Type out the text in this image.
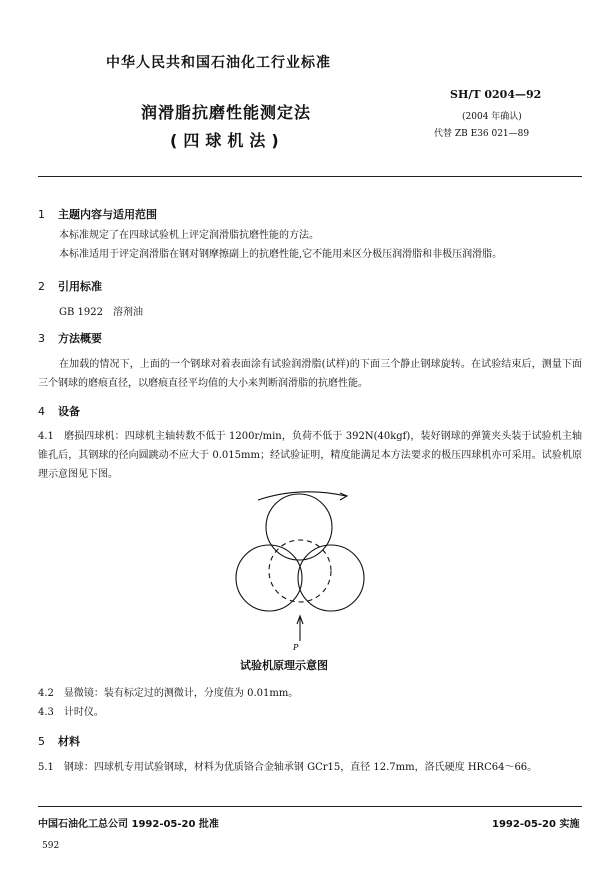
中华人民共和国石油化工行业标准
润滑脂抗磨性能测定法
(四球机法)
SH/T 0204—92
(2004 年确认)
代替 ZB E36 021—89
1 主题内容与适用范围
本标准规定了在四球试验机上评定润滑脂抗磨性能的方法。
本标准适用于评定润滑脂在钢对钢摩擦副上的抗磨性能,它不能用来区分极压润滑脂和非极压润滑脂。
2 引用标准
GB 1922　溶剂油
3 方法概要
在加载的情况下，上面的一个钢球对着表面涂有试验润滑脂(试样)的下面三个静止钢球旋转。在试验结束后，测量下面三个钢球的磨痕直径，以磨痕直径平均值的大小来判断润滑脂的抗磨性能。
4 设备
4.1　磨损四球机：四球机主轴转数不低于 1200r/min，负荷不低于 392N(40kgf)，装好钢球的弹簧夹头装于试验机主轴锥孔后，其钢球的径向圆跳动不应大于 0.015mm；经试验证明，精度能满足本方法要求的极压四球机亦可采用。试验机原理示意图见下图。
P
试验机原理示意图
4.2　显微镜：装有标定过的测微计，分度值为 0.01mm。
4.3　计时仪。
5 材料
5.1　钢球：四球机专用试验钢球，材料为优质铬合金轴承钢 GCr15，直径 12.7mm，洛氏硬度 HRC64～66。
中国石油化工总公司 1992-05-20 批准	1992-05-20 实施
592
